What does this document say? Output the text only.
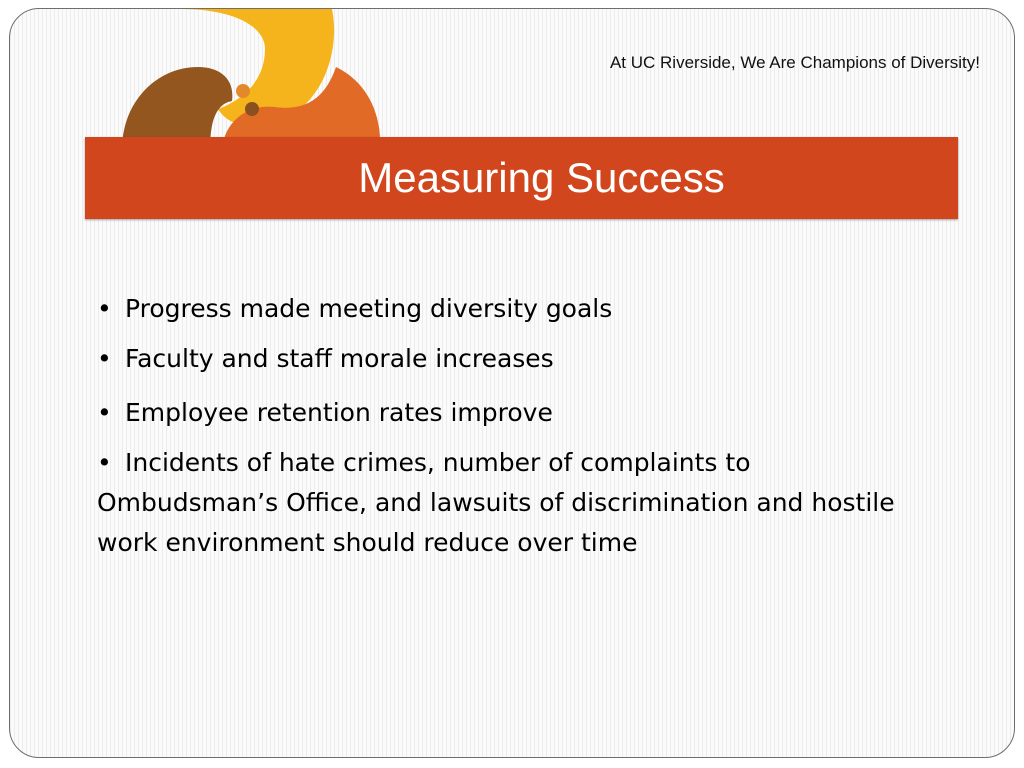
At UC Riverside, We Are Champions of Diversity!
Measuring Success
• Progress made meeting diversity goals
• Faculty and staff morale increases
• Employee retention rates improve
• Incidents of hate crimes, number of complaints to Ombudsman’s Office, and lawsuits of discrimination and hostile work environment should reduce over time
